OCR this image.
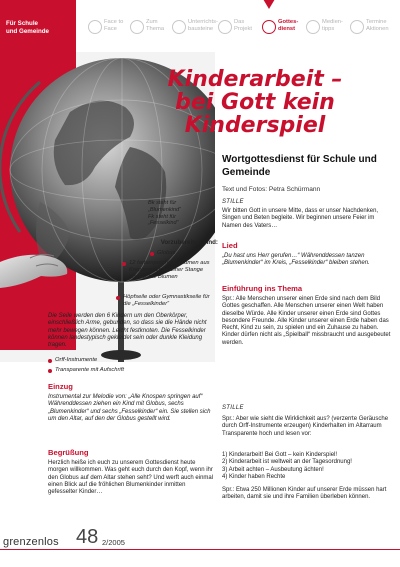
Für Schule
und Gemeinde
Face to
Face
Zum
Thema
Unterrichts-
bausteine
Das
Projekt
Gottes-
dienst
Medien-
tipps
Termine
Aktionen
Kinderarbeit –
bei Gott kein
Kinderspiel
Wortgottesdienst für Schule und
Gemeinde
Text und Fotos: Petra Schürmann
Bk steht für
„Blumenkind“
Fk steht für
„Fesselkind“
Vorzubereiten sind:
Globus
12 farbenprächtige Blumen aus Krepppapier an einer Stange oder echte Blumen
Höpfseile oder Gymnastikseile für die „Fesselkinder“
Die Seile werden den 6 Kindern um den Oberkörper, einschließlich Arme, gebunden, so dass sie die Hände nicht mehr bewegen können. Leicht festknoten. Die Fesselkinder können landestypisch gekleidet sein oder dunkle Kleidung tragen.
Orff-Instrumente
Transparente mit Aufschrift
Einzug
Instrumental zur Melodie von: „Alle Knospen springen auf“ Währenddessen ziehen ein Kind mit Globus, sechs „Blumenkinder“ und sechs „Fesselkinder“ ein. Sie stellen sich um den Altar, auf den der Globus gestellt wird.
Begrüßung
Herzlich heiße ich euch zu unserem Gottesdienst heute morgen willkommen. Was geht euch durch den Kopf, wenn ihr den Globus auf dem Altar stehen seht? Und werft auch einmal einen Blick auf die fröhlichen Blumenkinder inmitten gefesselter Kinder…
STILLE
Wir bitten Gott in unsere Mitte, dass er unser Nachdenken, Singen und Beten begleite. Wir beginnen unsere Feier im Namen des Vaters…
Lied
„Du hast uns Herr gerufen…“ Währenddessen tanzen „Blumenkinder“ im Kreis, „Fesselkinder“ bleiben stehen.
Einführung ins Thema
Spr.: Alle Menschen unserer einen Erde sind nach dem Bild Gottes geschaffen. Alle Menschen unserer einen Welt haben dieselbe Würde. Alle Kinder unserer einen Erde sind Gottes besondere Freunde. Alle Kinder unserer einen Erde haben das Recht, Kind zu sein, zu spielen und ein Zuhause zu haben. Kinder dürfen nicht als „Spielball“ missbraucht und ausgebeutet werden.
STILLE
Spr.: Aber wie sieht die Wirklichkeit aus? (verzerrte Geräusche durch Orff-Instrumente erzeugen) Kinderhalten im Altarraum Transparente hoch und lesen vor:
1) Kinderarbeit! Bei Gott – kein Kinderspiel!
2) Kinderarbeit ist weltweit an der Tagesordnung!
3) Arbeit achten – Ausbeutung ächten!
4) Kinder haben Rechte
Spr.: Etwa 250 Millionen Kinder auf unserer Erde müssen hart arbeiten, damit sie und ihre Familien überleben können.
grenzenlos 48 2/2005
